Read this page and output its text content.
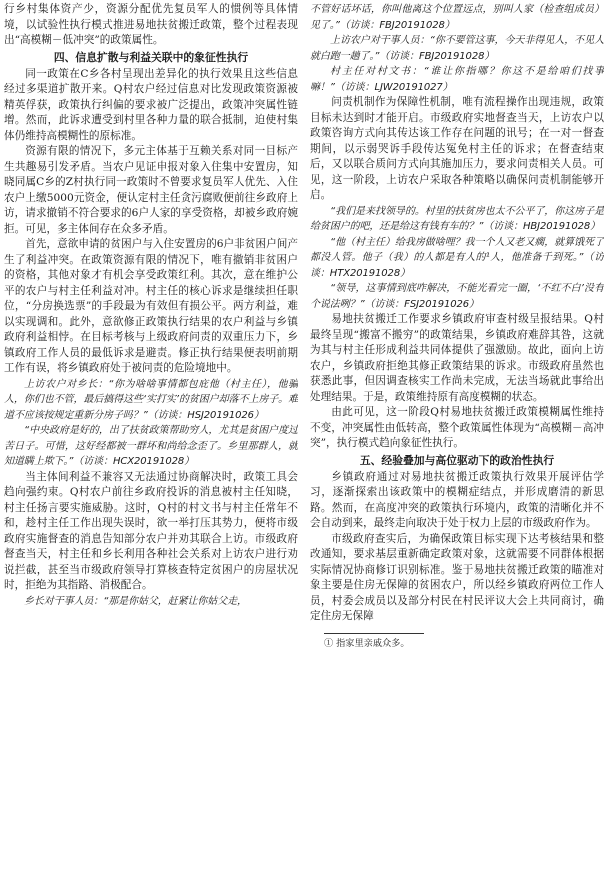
行乡村集体资产少，资源分配优先复员军人的惯例等具体情境，以试验性执行模式推进易地扶贫搬迁政策，整个过程表现出“高模糊－低冲突”的政策属性。

四、信息扩散与利益关联中的象征性执行

同一政策在C乡各村呈现出差异化的执行效果且这些信息经过多渠道扩散开来。Q村农户经过信息对比发现政策资源被精英俘获，政策执行纠偏的要求被广泛提出，政策冲突属性链增。然而，此诉求遭受到村里各种力量的联合抵制，迫使村集体仍维持高模糊性的原标准。

资源有限的情况下，多元主体基于互赖关系对同一目标产生共趣易引发矛盾。当农户见证申报对象入住集中安置房，知晓同属C乡的Z村执行同一政策时不曾要求复员军人优先、入住农户上缴5000元资金，便认定村主任贪污腐败便前往乡政府上访，请求撤销不符合要求的6户人家的享受资格，却被乡政府婉拒。可见，多主体间存在众多矛盾。

首先，意欲申请的贫困户与入住安置房的6户非贫困户间产生了利益冲突。在政策资源有限的情况下，唯有撤销非贫困户的资格，其他对象才有机会享受政策红利。其次，意在维护公平的农户与村主任利益对冲。村主任的核心诉求是继续担任职位，“分房换选票”的手段最为有效但有损公平。两方利益，难以实现调和。此外，意欲修正政策执行结果的农户利益与乡镇政府利益相悖。在目标考核与上级政府问责的双重压力下，乡镇政府工作人员的最低诉求是避责。修正执行结果便表明前期工作有误，将乡镇政府处于被问责的危险境地中。

上访农户对乡长：“你为啥啥事情都包庇他（村主任），他骗人，你们也不管，最后搞得这些‘实打实’的贫困户却落不上房子。难道不应该按规定重新分房子吗？”（访谈：HSJ20191026）

“中央政府是好的，出了扶贫政策帮助穷人，尤其是贫困户度过苦日子。可惜，这好经都被一群坏和尚给念歪了。乡里那群人，就知道瞒上欺下。”（访谈：HCX20191028）

当主体间利益不兼容又无法通过协商解决时，政策工具会趋向强约束。Q村农户前往乡政府投诉的消息被村主任知晓，村主任扬言要实施威胁。这时，Q村的村文书与村主任常年不和，趁村主任工作出现失误时，欲一举打压其势力，便将市级政府实施督查的消息告知部分农户并劝其联合上访。市级政府督查当天，村主任和乡长利用各种社会关系对上访农户进行劝说拦截，甚至当市级政府领导打算核查特定贫困户的房屋状况时，拒绝为其指路、消极配合。

乡长对干事人员：“那是你姑父，赶紧让你姑父走，

不管好话坏话，你叫他离这个位置远点，别叫人家（检查组成员）见了。”（访谈：FBJ20191028）

上访农户对干事人员：“你不要管这事，今天非得见人，不见人就白跑一趟了。”（访谈：FBJ20191028）

村主任对村文书：“谁让你指哪？你这不是给咱们找事嘛！”（访谈：LJW20191027）

问责机制作为保障性机制，唯有流程操作出现违规，政策目标未达到时才能开启。市级政府实地督查当天，上访农户以政策咨询方式向其传达该工作存在问题的讯号；在一对一督查期间，以示弱哭诉手段传达冤免村主任的诉求；在督查结束后，又以联合质问方式向其施加压力，要求问责相关人员。可见，这一阶段，上访农户采取各种策略以确保问责机制能够开启。

“我们是来找领导的。村里的扶贫房也太不公平了，你这房子是给贫困户的吧，还是给这有钱有车的？”（访谈：HBJ20191028）

“他（村主任）给我房做啥哩？我一个人又老又瘸，就算饿死了都没人管。他子（我）的人都是有人的¹人，他准备千到死。”（访谈：HTX20191028）

“领导，这事情到底咋解决，不能光看完一圈，‘不红不白’没有个说法咧？”（访谈：FSJ20191026）

易地扶贫搬迁工作要求乡镇政府审查村级呈报结果。Q村最终呈现“搬富不搬穷”的政策结果，乡镇政府难辞其咎，这就为其与村主任形成利益共同体提供了强激励。故此，面向上访农户，乡镇政府拒绝其修正政策结果的诉求。市级政府虽然也获悉此事，但因调查核实工作尚未完成，无法当场就此事给出处理结果。于是，政策维持原有高度模糊的状态。

由此可见，这一阶段Q村易地扶贫搬迁政策模糊属性维持不变，冲突属性由低转高，整个政策属性体现为“高模糊－高冲突”，执行模式趋向象征性执行。

五、经验叠加与高位驱动下的政治性执行

乡镇政府通过对易地扶贫搬迁政策执行效果开展评估学习，逐渐探索出该政策中的模糊症结点，并形成磨清的新思路。然而，在高度冲突的政策执行环境内，政策的清晰化并不会自动到来，最终走向取决于处于权力上层的市级政府作为。

市级政府查实后，为确保政策目标实现下达考核结果和整改通知，要求基层重新确定政策对象，这就需要不同群体根据实际情况协商修订识别标准。鉴于易地扶贫搬迁政策的瞄准对象主要是住房无保障的贫困农户，所以经乡镇政府两位工作人员，村委会成员以及部分村民在村民评议大会上共同商讨，确定住房无保障

① 指家里亲戚众多。
